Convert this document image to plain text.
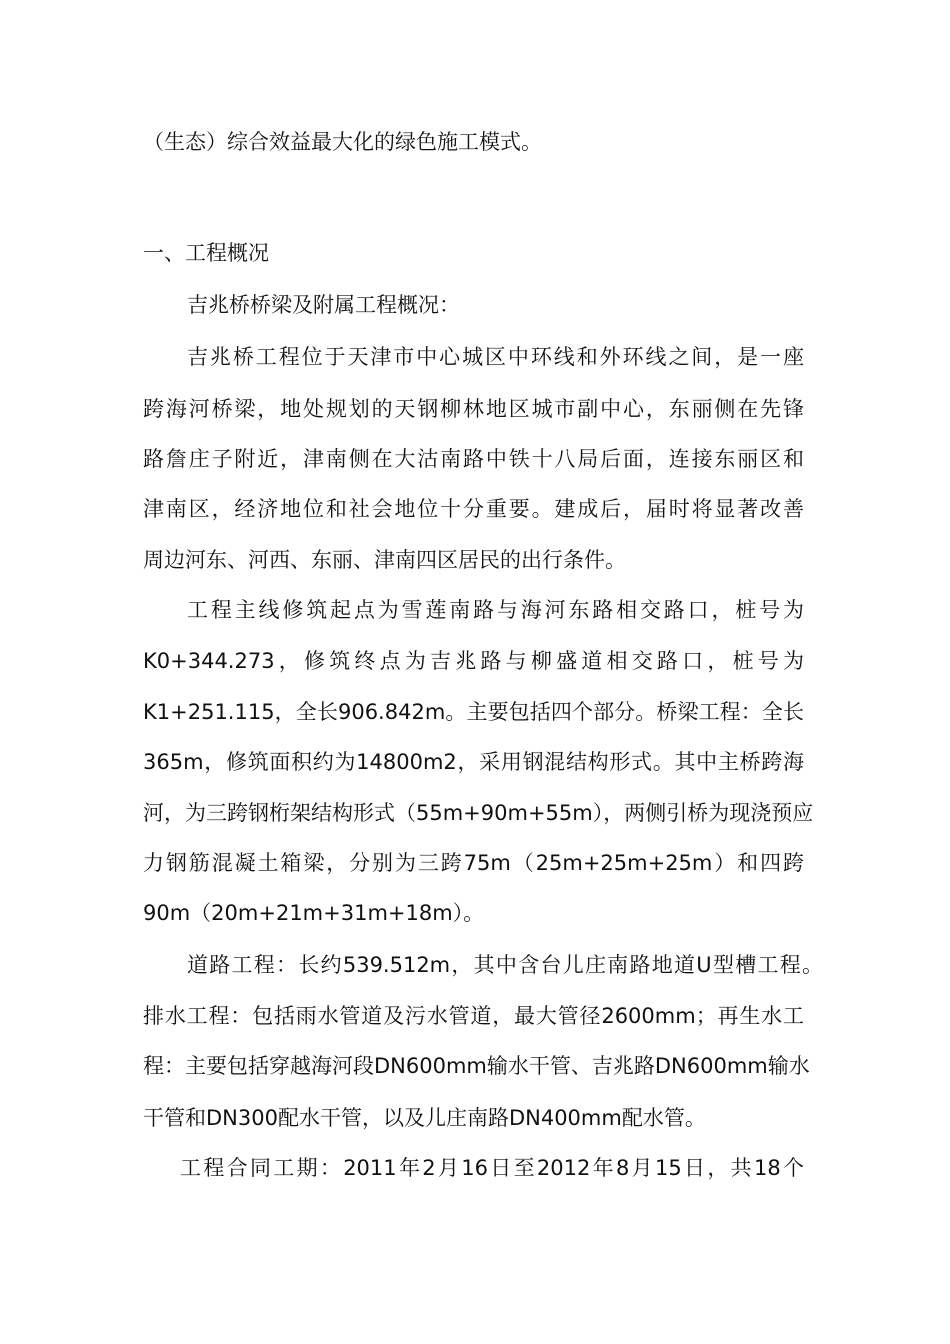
（生态）综合效益最大化的绿色施工模式。
一、工程概况
吉兆桥桥梁及附属工程概况：
吉兆桥工程位于天津市中心城区中环线和外环线之间，是一座
跨海河桥梁，地处规划的天钢柳林地区城市副中心，东丽侧在先锋
路詹庄子附近，津南侧在大沽南路中铁十八局后面，连接东丽区和
津南区，经济地位和社会地位十分重要。建成后，届时将显著改善
周边河东、河西、东丽、津南四区居民的出行条件。
工程主线修筑起点为雪莲南路与海河东路相交路口，桩号为
K0+344.273，修筑终点为吉兆路与柳盛道相交路口，桩号为
K1+251.115，全长906.842m。主要包括四个部分。桥梁工程：全长
365m，修筑面积约为14800m2，采用钢混结构形式。其中主桥跨海
河，为三跨钢桁架结构形式（55m+90m+55m），两侧引桥为现浇预应
力钢筋混凝土箱梁，分别为三跨75m（25m+25m+25m）和四跨
90m（20m+21m+31m+18m）。
道路工程：长约539.512m，其中含台儿庄南路地道U型槽工程。
排水工程：包括雨水管道及污水管道，最大管径2600mm；再生水工
程：主要包括穿越海河段DN600mm输水干管、吉兆路DN600mm输水
干管和DN300配水干管，以及儿庄南路DN400mm配水管。
工程合同工期：2011年2月16日至2012年8月15日，共18个
